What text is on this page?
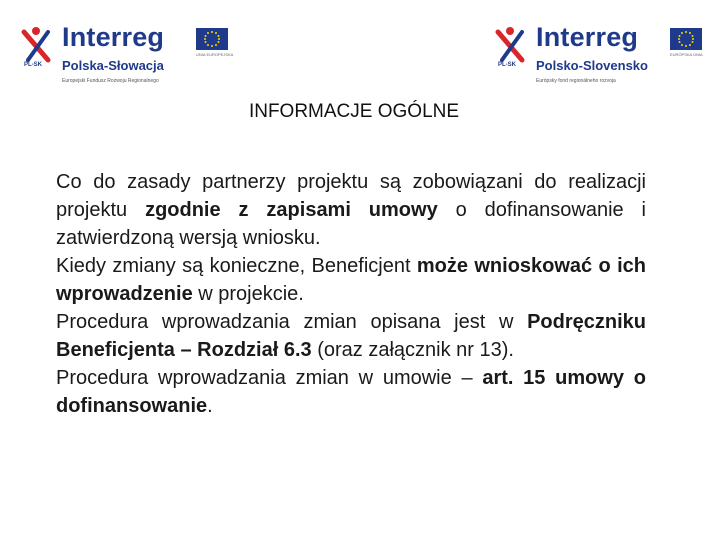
PL-SK
Interreg
UNIA EUROPEJSKA
Polska-Słowacja
Europejski Fundusz Rozwoju Regionalnego
PL-SK
Interreg
EURÓPSKA ÚNIA
Polsko-Slovensko
Európsky fond regionálneho rozvoja
INFORMACJE OGÓLNE

Co do zasady partnerzy projektu są zobowiązani do realizacji projektu zgodnie z zapisami umowy o dofinansowanie i zatwierdzoną wersją wniosku.

Kiedy zmiany są konieczne, Beneficjent może wnioskować o ich wprowadzenie w projekcie.

Procedura wprowadzania zmian opisana jest w Podręczniku Beneficjenta – Rozdział 6.3 (oraz załącznik nr 13).

Procedura wprowadzania zmian w umowie – art. 15 umowy o dofinansowanie.
